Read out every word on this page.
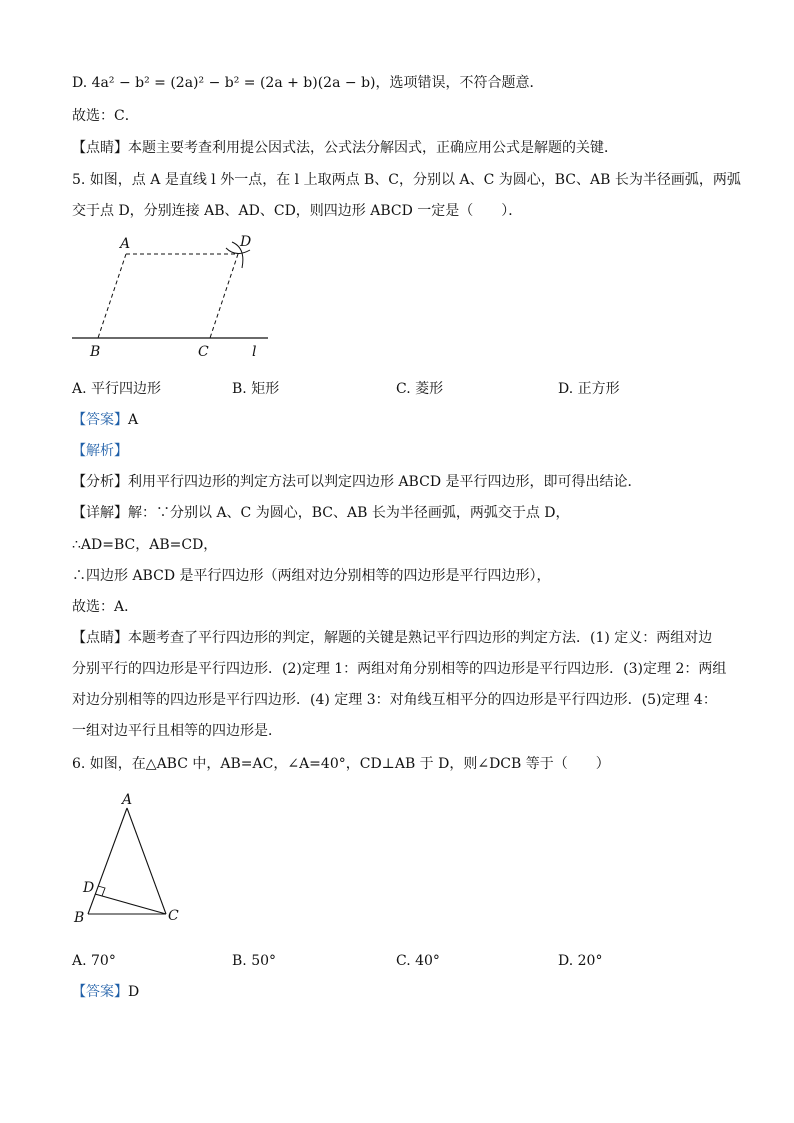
D. 4a² − b² = (2a)² − b² = (2a + b)(2a − b)，选项错误，不符合题意．
故选：C．
【点睛】本题主要考查利用提公因式法，公式法分解因式，正确应用公式是解题的关键．
5. 如图，点 A 是直线 l 外一点，在 l 上取两点 B、C，分别以 A、C 为圆心，BC、AB 长为半径画弧，两弧
交于点 D，分别连接 AB、AD、CD，则四边形 ABCD 一定是（　　）．
A	D
B	C	l
A. 平行四边形	B. 矩形	C. 菱形	D. 正方形
【答案】A
【解析】
【分析】利用平行四边形的判定方法可以判定四边形 ABCD 是平行四边形，即可得出结论．
【详解】解：∵分别以 A、C 为圆心，BC、AB 长为半径画弧，两弧交于点 D，
∴AD=BC，AB=CD，
∴四边形 ABCD 是平行四边形（两组对边分别相等的四边形是平行四边形），
故选：A．
【点睛】本题考查了平行四边形的判定，解题的关键是熟记平行四边形的判定方法．(1) 定义：两组对边
分别平行的四边形是平行四边形．(2)定理 1：两组对角分别相等的四边形是平行四边形．(3)定理 2：两组
对边分别相等的四边形是平行四边形．(4) 定理 3：对角线互相平分的四边形是平行四边形．(5)定理 4：
一组对边平行且相等的四边形是．
6. 如图，在△ABC 中，AB=AC，∠A=40°，CD⊥AB 于 D，则∠DCB 等于（　　）
A
B	C
D
A. 70°	B. 50°	C. 40°	D. 20°
【答案】D
